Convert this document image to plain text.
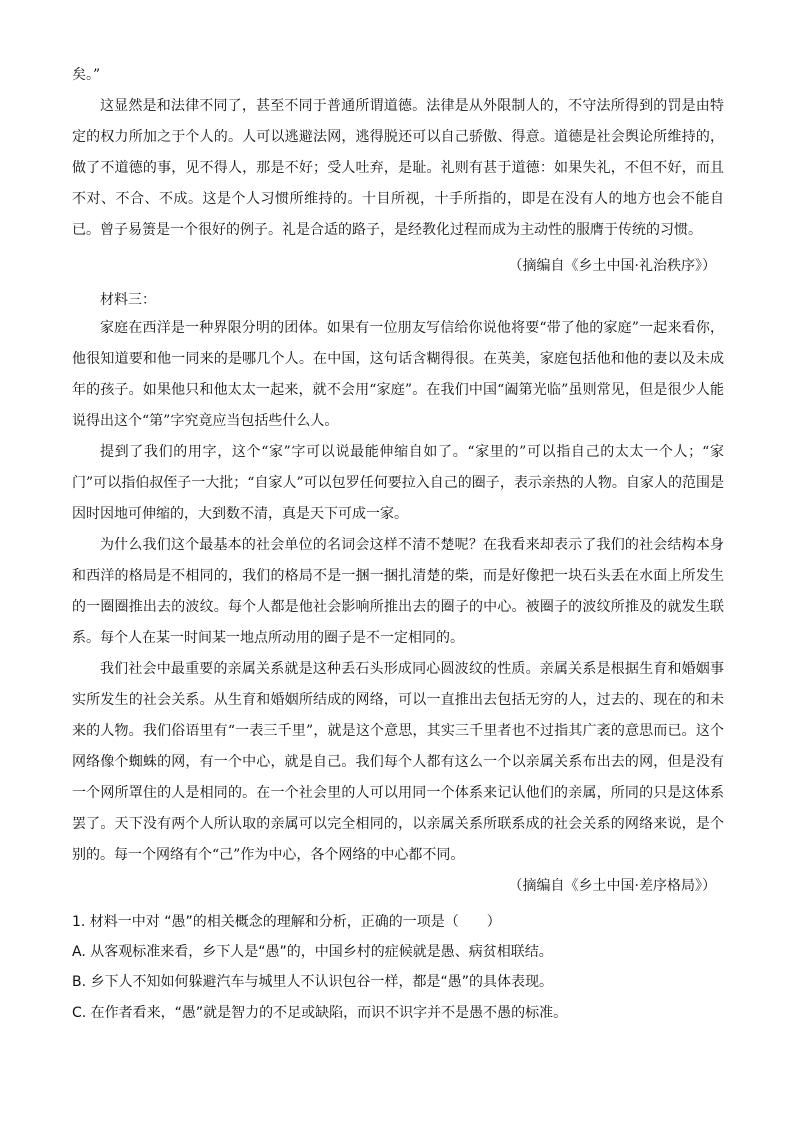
矣。”

这显然是和法律不同了，甚至不同于普通所谓道德。法律是从外限制人的，不守法所得到的罚是由特定的权力所加之于个人的。人可以逃避法网，逃得脱还可以自己骄傲、得意。道德是社会舆论所维持的，做了不道德的事，见不得人，那是不好；受人吐弃，是耻。礼则有甚于道德：如果失礼，不但不好，而且不对、不合、不成。这是个人习惯所维持的。十目所视，十手所指的，即是在没有人的地方也会不能自已。曾子易箦是一个很好的例子。礼是合适的路子，是经教化过程而成为主动性的服膺于传统的习惯。

（摘编自《乡土中国·礼治秩序》）

材料三：

家庭在西洋是一种界限分明的团体。如果有一位朋友写信给你说他将要“带了他的家庭”一起来看你，他很知道要和他一同来的是哪几个人。在中国，这句话含糊得很。在英美，家庭包括他和他的妻以及未成年的孩子。如果他只和他太太一起来，就不会用“家庭”。在我们中国“阖第光临”虽则常见，但是很少人能说得出这个“第”字究竟应当包括些什么人。

提到了我们的用字，这个“家”字可以说最能伸缩自如了。“家里的”可以指自己的太太一个人；“家门”可以指伯叔侄子一大批；“自家人”可以包罗任何要拉入自己的圈子，表示亲热的人物。自家人的范围是因时因地可伸缩的，大到数不清，真是天下可成一家。

为什么我们这个最基本的社会单位的名词会这样不清不楚呢？在我看来却表示了我们的社会结构本身和西洋的格局是不相同的，我们的格局不是一捆一捆扎清楚的柴，而是好像把一块石头丢在水面上所发生的一圈圈推出去的波纹。每个人都是他社会影响所推出去的圈子的中心。被圈子的波纹所推及的就发生联系。每个人在某一时间某一地点所动用的圈子是不一定相同的。

我们社会中最重要的亲属关系就是这种丢石头形成同心圆波纹的性质。亲属关系是根据生育和婚姻事实所发生的社会关系。从生育和婚姻所结成的网络，可以一直推出去包括无穷的人，过去的、现在的和未来的人物。我们俗语里有“一表三千里”，就是这个意思，其实三千里者也不过指其广袤的意思而已。这个网络像个蜘蛛的网，有一个中心，就是自己。我们每个人都有这么一个以亲属关系布出去的网，但是没有一个网所罩住的人是相同的。在一个社会里的人可以用同一个体系来记认他们的亲属，所同的只是这体系罢了。天下没有两个人所认取的亲属可以完全相同的，以亲属关系所联系成的社会关系的网络来说，是个别的。每一个网络有个“己”作为中心，各个网络的中心都不同。

（摘编自《乡土中国·差序格局》）

1. 材料一中对 “愚”的相关概念的理解和分析，正确的一项是（　　）

A. 从客观标准来看，乡下人是“愚”的，中国乡村的症候就是愚、病贫相联结。

B. 乡下人不知如何躲避汽车与城里人不认识包谷一样，都是“愚”的具体表现。

C. 在作者看来，“愚”就是智力的不足或缺陷，而识不识字并不是愚不愚的标准。
